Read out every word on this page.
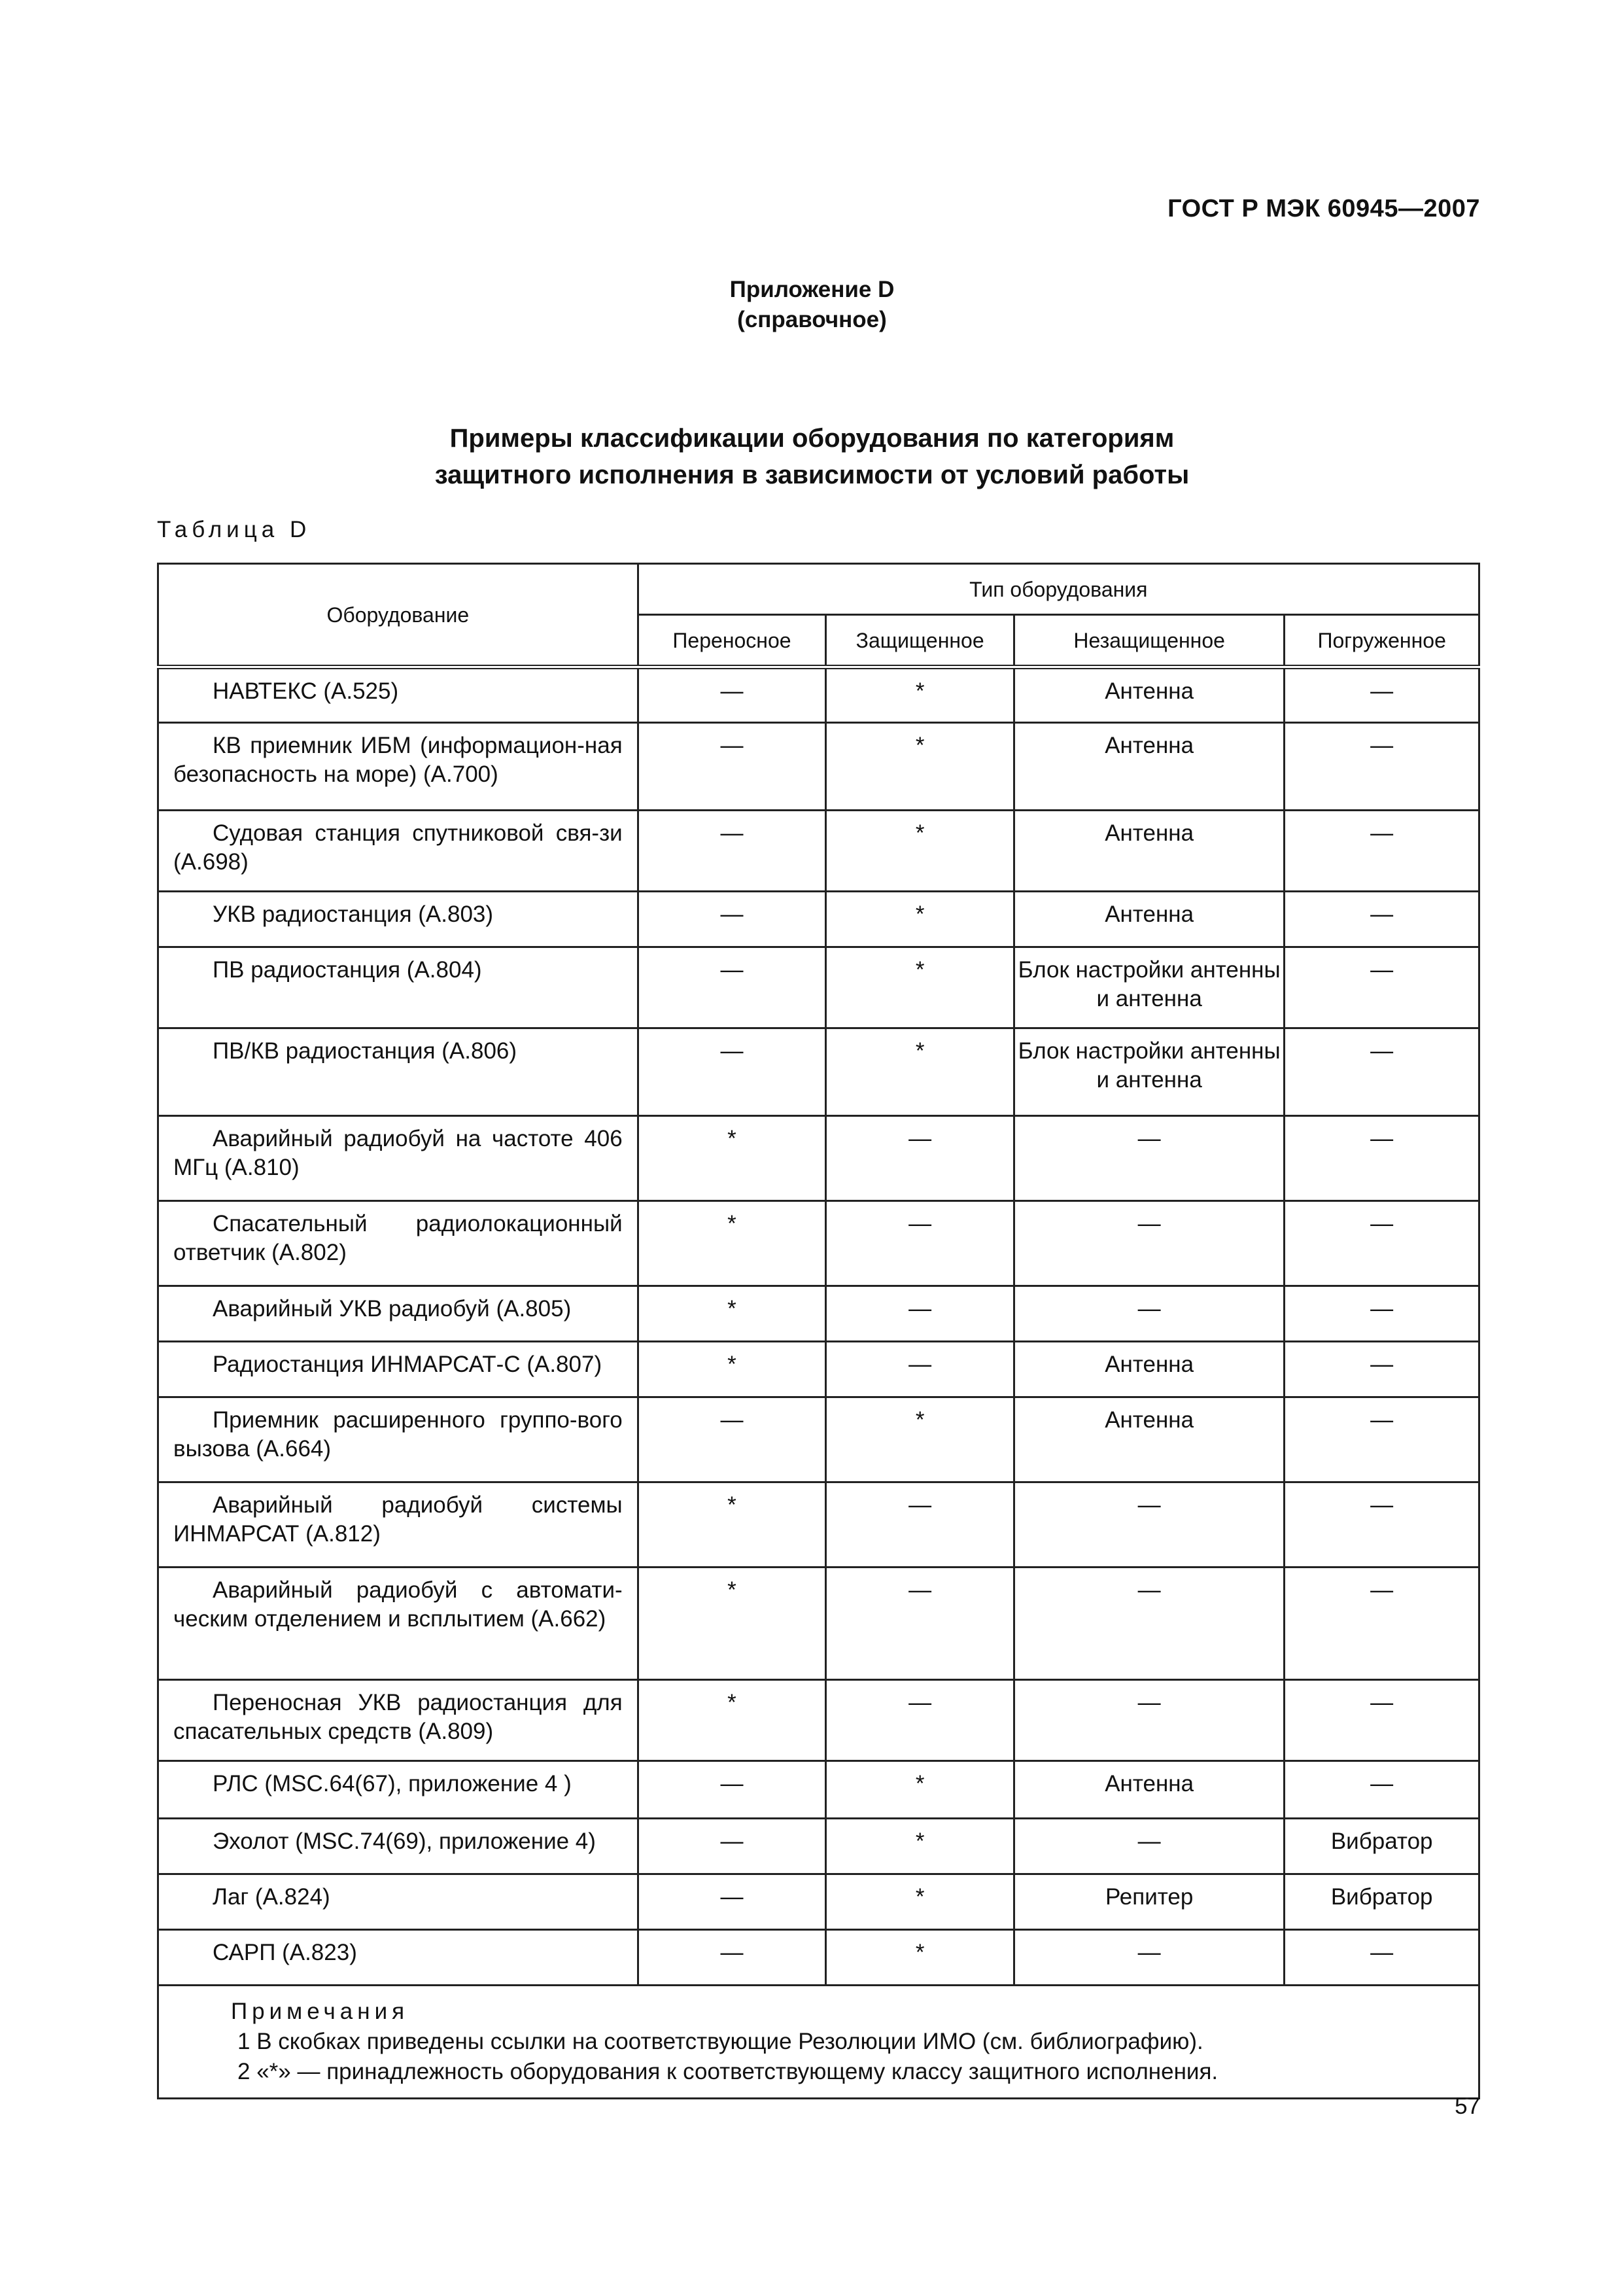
ГОСТ Р МЭК 60945—2007
Приложение D
(справочное)
Примеры классификации оборудования по категориям
защитного исполнения в зависимости от условий работы
Таблица D
Оборудование	Тип оборудования			
	Переносное	Защищенное	Незащищенное	Погруженное
НАВТЕКС (А.525)	—	*	Антенна	—
КВ приемник ИБМ (информацион-ная безопасность на море) (А.700)	—	*	Антенна	—
Судовая станция спутниковой свя-зи (А.698)	—	*	Антенна	—
УКВ радиостанция (А.803)	—	*	Антенна	—
ПВ радиостанция (А.804)	—	*	Блок настройки антенны и антенна	—
ПВ/КВ радиостанция (А.806)	—	*	Блок настройки антенны и антенна	—
Аварийный радиобуй на частоте 406 МГц (А.810)	*	—	—	—
Спасательный радиолокационный ответчик (А.802)	*	—	—	—
Аварийный УКВ радиобуй (А.805)	*	—	—	—
Радиостанция ИНМАРСАТ-С (А.807)	*	—	Антенна	—
Приемник расширенного группо-вого вызова (А.664)	—	*	Антенна	—
Аварийный радиобуй системы ИНМАРСАТ (А.812)	*	—	—	—
Аварийный радиобуй с автомати-ческим отделением и всплытием (А.662)	*	—	—	—
Переносная УКВ радиостанция для спасательных средств (А.809)	*	—	—	—
РЛС (MSC.64(67), приложение 4 )	—	*	Антенна	—
Эхолот (MSC.74(69), приложение 4)	—	*	—	Вибратор
Лаг (А.824)	—	*	Репитер	Вибратор
САРП (А.823)	—	*	—	—

Примечания
1 В скобках приведены ссылки на соответствующие Резолюции ИМО (см. библиографию).
2 «*» — принадлежность оборудования к соответствующему классу защитного исполнения.				
57
